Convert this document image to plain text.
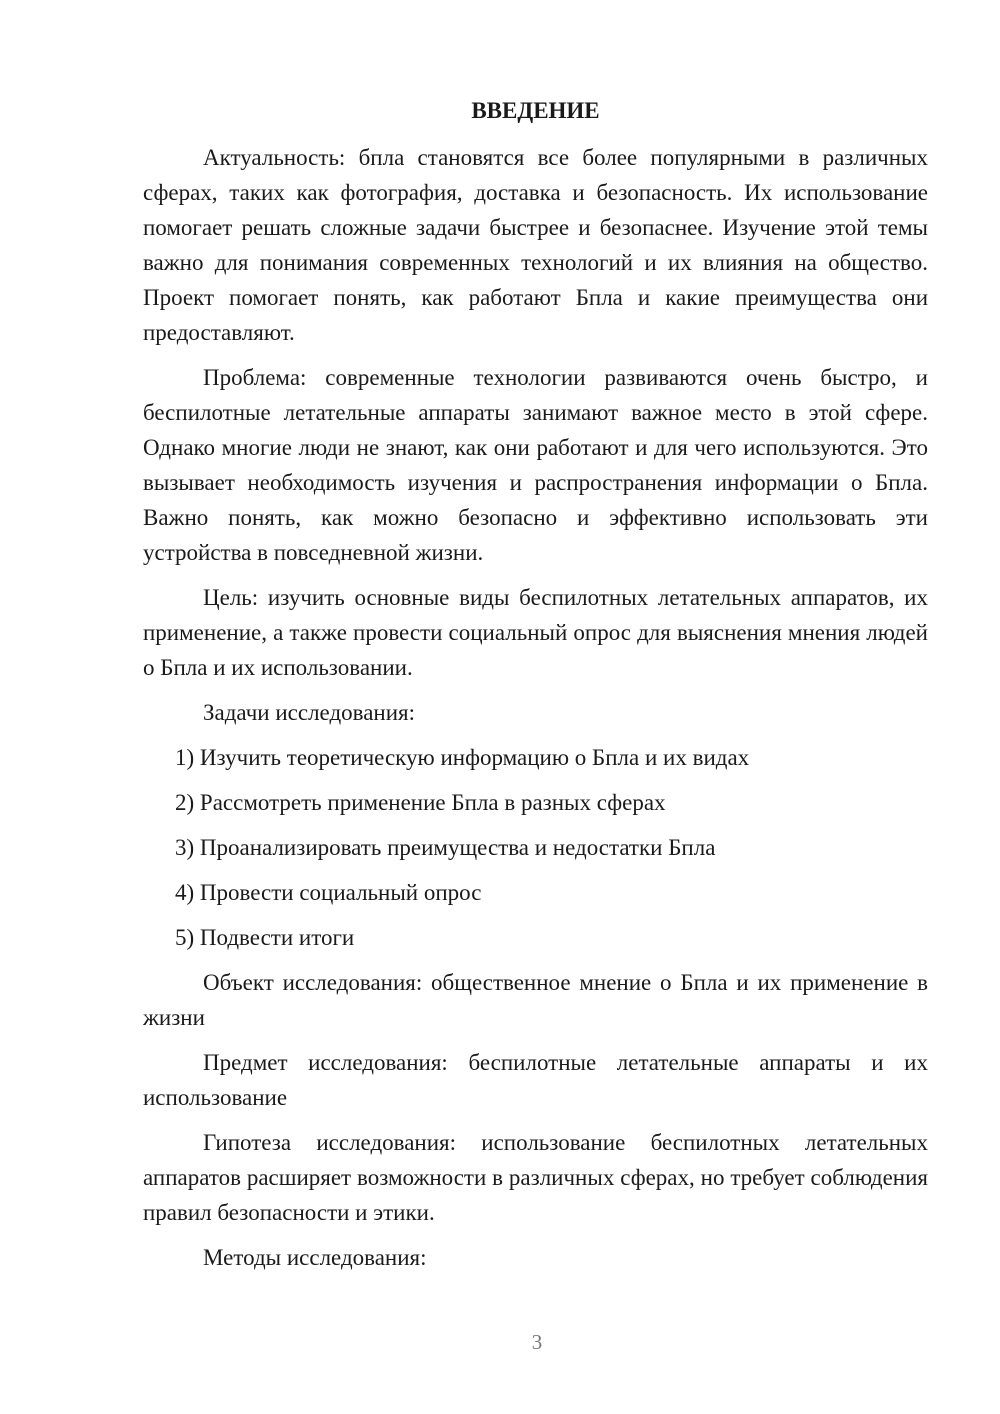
ВВЕДЕНИЕ

Актуальность: бпла становятся все более популярными в различных сферах, таких как фотография, доставка и безопасность. Их использование помогает решать сложные задачи быстрее и безопаснее. Изучение этой темы важно для понимания современных технологий и их влияния на общество. Проект помогает понять, как работают Бпла и какие преимущества они предоставляют.

Проблема: современные технологии развиваются очень быстро, и беспилотные летательные аппараты занимают важное место в этой сфере. Однако многие люди не знают, как они работают и для чего используются. Это вызывает необходимость изучения и распространения информации о Бпла. Важно понять, как можно безопасно и эффективно использовать эти устройства в повседневной жизни.

Цель: изучить основные виды беспилотных летательных аппаратов, их применение, а также провести социальный опрос для выяснения мнения людей о Бпла и их использовании.

Задачи исследования:

1) Изучить теоретическую информацию о Бпла и их видах
2) Рассмотреть применение Бпла в разных сферах
3) Проанализировать преимущества и недостатки Бпла
4) Провести социальный опрос
5) Подвести итоги

Объект исследования: общественное мнение о Бпла и их применение в жизни

Предмет исследования: беспилотные летательные аппараты и их использование

Гипотеза исследования: использование беспилотных летательных аппаратов расширяет возможности в различных сферах, но требует соблюдения правил безопасности и этики.

Методы исследования:

3
